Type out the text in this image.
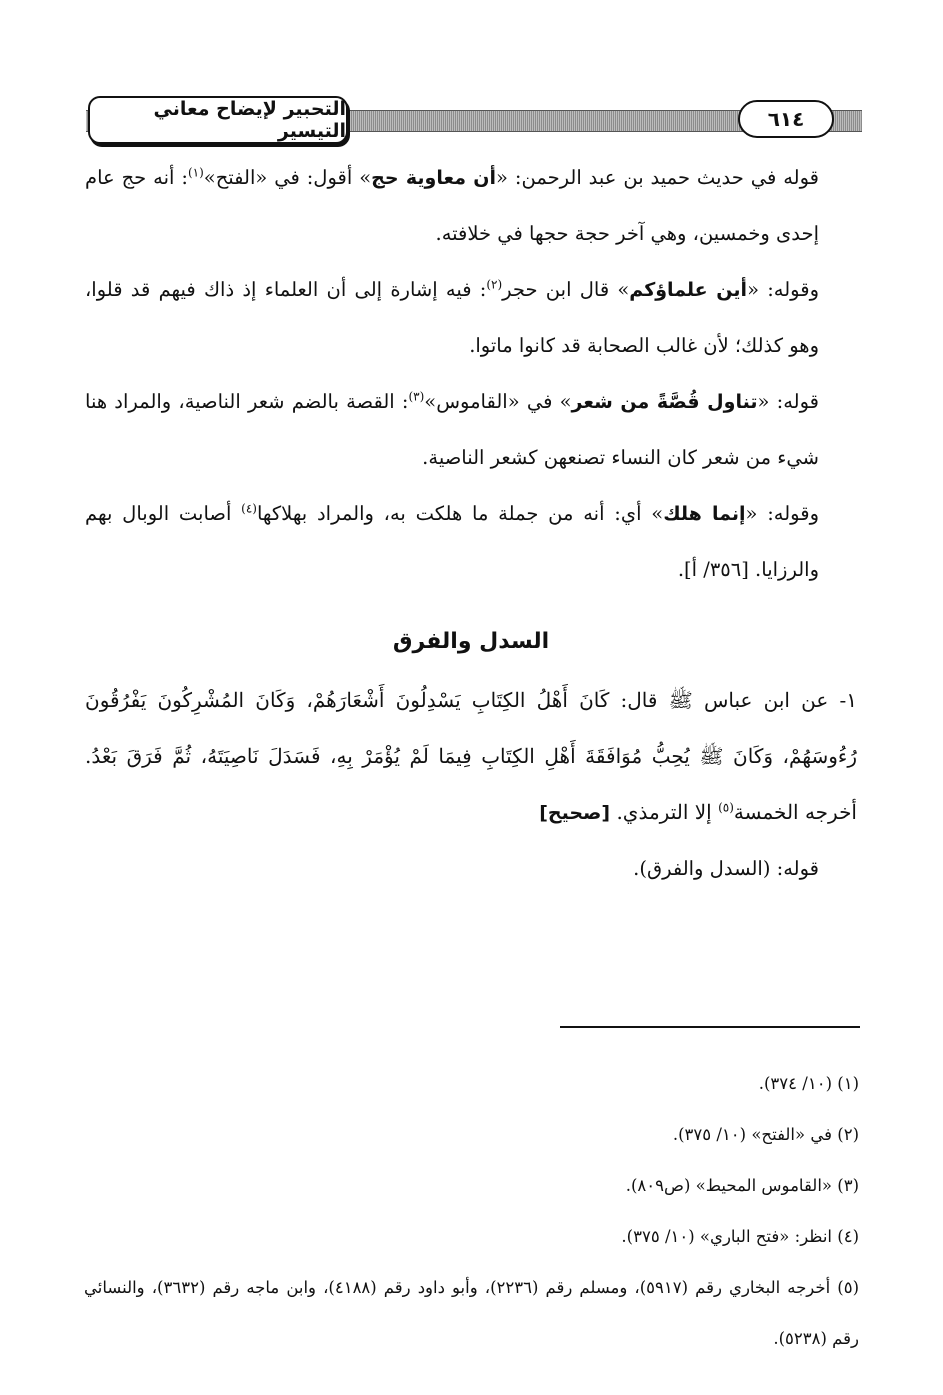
التحبير لإيضاح معاني التيسير	٦١٤

قوله في حديث حميد بن عبد الرحمن: «أن معاوية حج» أقول: في «الفتح»$^{(١)}$: أنه حج عام إحدى وخمسين، وهي آخر حجة حجها في خلافته.

وقوله: «أين علماؤكم» قال ابن حجر$^{(٢)}$: فيه إشارة إلى أن العلماء إذ ذاك فيهم قد قلوا، وهو كذلك؛ لأن غالب الصحابة قد كانوا ماتوا.

قوله: «تناول قُصَّةً من شعر» في «القاموس»$^{(٣)}$: القصة بالضم شعر الناصية، والمراد هنا شيء من شعر كان النساء تصنعهن كشعر الناصية.

وقوله: «إنما هلك» أي: أنه من جملة ما هلكت به، والمراد بهلاكها$^{(٤)}$ أصابت الوبال بهم والرزايا. [٣٥٦/ أ].

السدل والفرق

١- عن ابن عباس ﷺ قال: كَانَ أَهْلُ الكِتَابِ يَسْدِلُونَ أَشْعَارَهُمْ، وَكَانَ المُشْرِكُونَ يَفْرُقُونَ رُءُوسَهُمْ، وَكَانَ ﷺ يُحِبُّ مُوَافَقَةَ أَهْلِ الكِتَابِ فِيمَا لَمْ يُؤْمَرْ بِهِ، فَسَدَلَ نَاصِيَتَهُ، ثُمَّ فَرَقَ بَعْدُ. أخرجه الخمسة$^{(٥)}$ إلا الترمذي. [صحيح]

قوله: (السدل والفرق).

(١) (١٠/ ٣٧٤).

(٢) في «الفتح» (١٠/ ٣٧٥).

(٣) «القاموس المحيط» (ص٨٠٩).

(٤) انظر: «فتح الباري» (١٠/ ٣٧٥).

(٥) أخرجه البخاري رقم (٥٩١٧)، ومسلم رقم (٢٢٣٦)، وأبو داود رقم (٤١٨٨)، وابن ماجه رقم (٣٦٣٢)، والنسائي رقم (٥٢٣٨).
